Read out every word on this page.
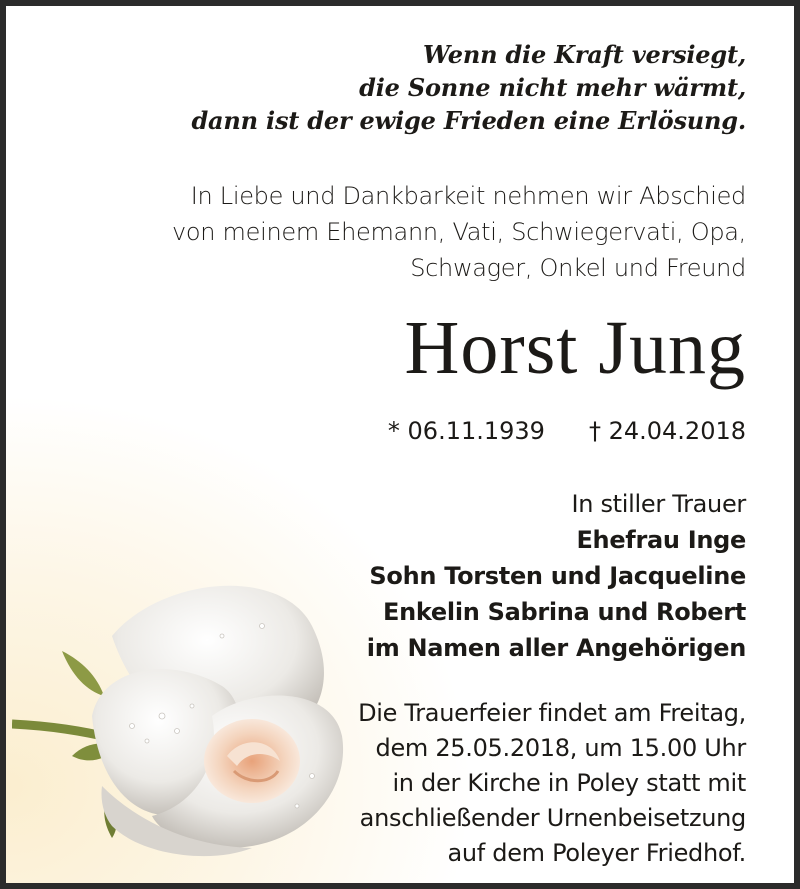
Wenn die Kraft versiegt,
die Sonne nicht mehr wärmt,
dann ist der ewige Frieden eine Erlösung.
In Liebe und Dankbarkeit nehmen wir Abschied
von meinem Ehemann, Vati, Schwiegervati, Opa,
Schwager, Onkel und Freund
Horst Jung
* 06.11.1939 † 24.04.2018
In stiller Trauer
Ehefrau Inge
Sohn Torsten und Jacqueline
Enkelin Sabrina und Robert
im Namen aller Angehörigen
Die Trauerfeier findet am Freitag,
dem 25.05.2018, um 15.00 Uhr
in der Kirche in Poley statt mit
anschließender Urnenbeisetzung
auf dem Poleyer Friedhof.
